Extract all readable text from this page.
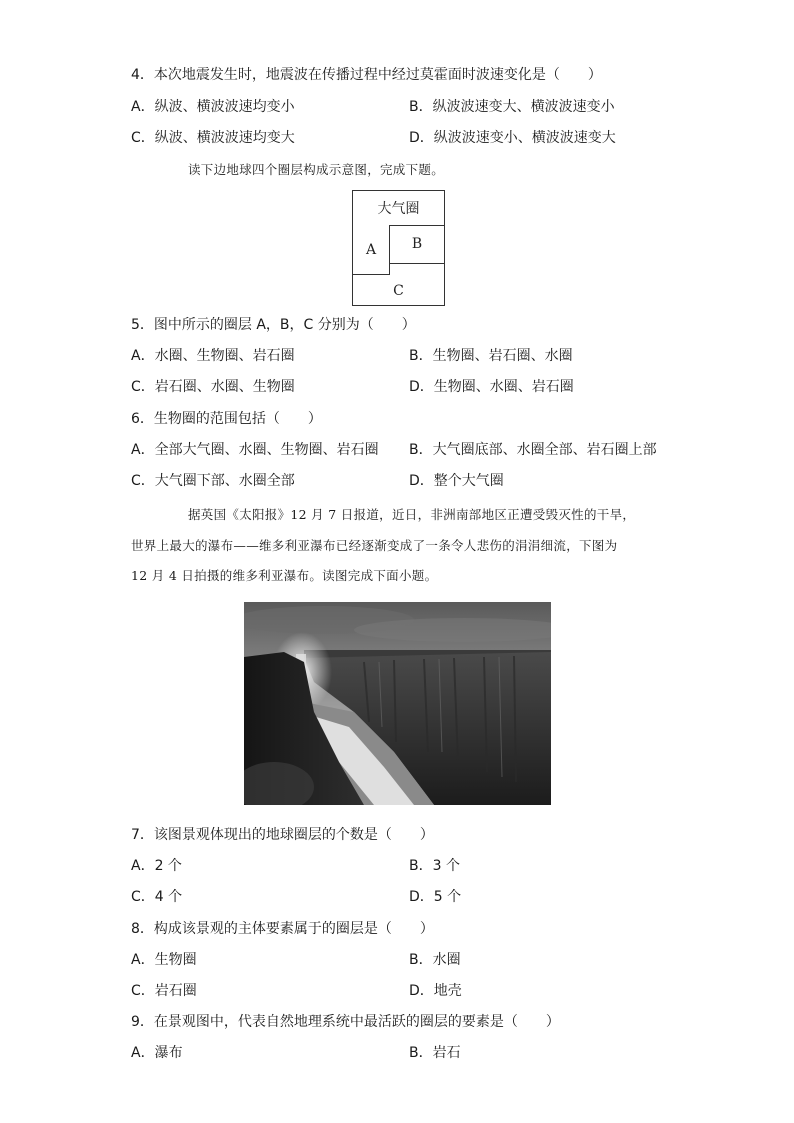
4．本次地震发生时，地震波在传播过程中经过莫霍面时波速变化是（　　）
A．纵波、横波波速均变小	B．纵波波速变大、横波波速变小
C．纵波、横波波速均变大	D．纵波波速变小、横波波速变大
读下边地球四个圈层构成示意图，完成下题。
大气圈
A	B
C
5．图中所示的圈层 A，B，C 分别为（　　）
A．水圈、生物圈、岩石圈	B．生物圈、岩石圈、水圈
C．岩石圈、水圈、生物圈	D．生物圈、水圈、岩石圈
6．生物圈的范围包括（　　）
A．全部大气圈、水圈、生物圈、岩石圈 B．大气圈底部、水圈全部、岩石圈上部
C．大气圈下部、水圈全部	D．整个大气圈
据英国《太阳报》12 月 7 日报道，近日，非洲南部地区正遭受毁灭性的干旱，
世界上最大的瀑布——维多利亚瀑布已经逐渐变成了一条令人悲伤的涓涓细流，下图为
12 月 4 日拍摄的维多利亚瀑布。读图完成下面小题。
7．该图景观体现出的地球圈层的个数是（　　）
A．2 个	B．3 个
C．4 个	D．5 个
8．构成该景观的主体要素属于的圈层是（　　）
A．生物圈	B．水圈
C．岩石圈	D．地壳
9．在景观图中，代表自然地理系统中最活跃的圈层的要素是（　　）
A．瀑布	B．岩石
